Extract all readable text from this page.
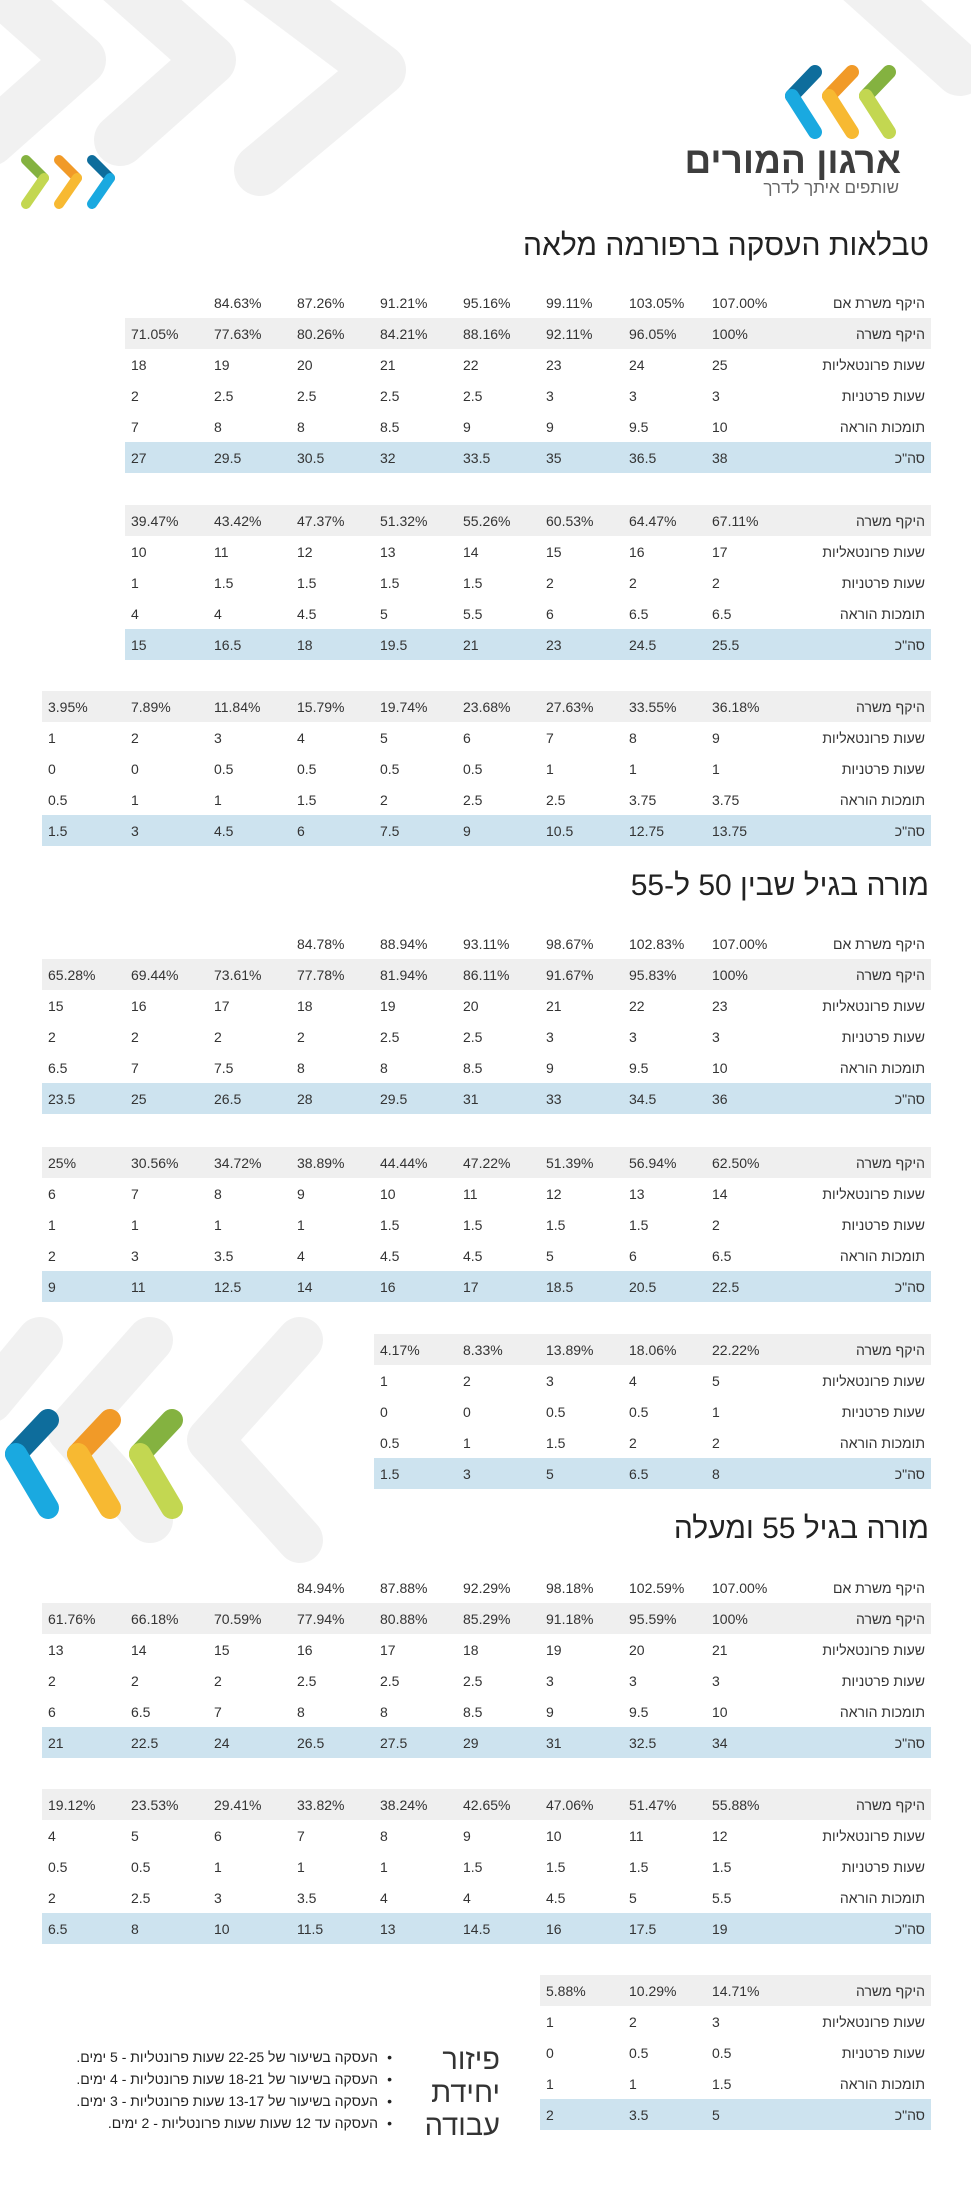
ארגון המורים
שותפים איתך לדרך
טבלאות העסקה ברפורמה מלאה
מורה בגיל שבין 50 ל-55
מורה בגיל 55 ומעלה
היקף משרת אם	107.00%	103.05%	99.11%	95.16%	91.21%	87.26%	84.63%		
היקף משרה	100%	96.05%	92.11%	88.16%	84.21%	80.26%	77.63%	71.05%	
שעות פרונטאליות	25	24	23	22	21	20	19	18	
שעות פרטניות	3	3	3	2.5	2.5	2.5	2.5	2	
תומכות הוראה	10	9.5	9	9	8.5	8	8	7	
סה"כ	38	36.5	35	33.5	32	30.5	29.5	27	
היקף משרה	67.11%	64.47%	60.53%	55.26%	51.32%	47.37%	43.42%	39.47%	
שעות פרונטאליות	17	16	15	14	13	12	11	10	
שעות פרטניות	2	2	2	1.5	1.5	1.5	1.5	1	
תומכות הוראה	6.5	6.5	6	5.5	5	4.5	4	4	
סה"כ	25.5	24.5	23	21	19.5	18	16.5	15	
היקף משרה	36.18%	33.55%	27.63%	23.68%	19.74%	15.79%	11.84%	7.89%	3.95%
שעות פרונטאליות	9	8	7	6	5	4	3	2	1
שעות פרטניות	1	1	1	0.5	0.5	0.5	0.5	0	0
תומכות הוראה	3.75	3.75	2.5	2.5	2	1.5	1	1	0.5
סה"כ	13.75	12.75	10.5	9	7.5	6	4.5	3	1.5
היקף משרת אם	107.00%	102.83%	98.67%	93.11%	88.94%	84.78%			
היקף משרה	100%	95.83%	91.67%	86.11%	81.94%	77.78%	73.61%	69.44%	65.28%
שעות פרונטאליות	23	22	21	20	19	18	17	16	15
שעות פרטניות	3	3	3	2.5	2.5	2	2	2	2
תומכות הוראה	10	9.5	9	8.5	8	8	7.5	7	6.5
סה"כ	36	34.5	33	31	29.5	28	26.5	25	23.5
היקף משרה	62.50%	56.94%	51.39%	47.22%	44.44%	38.89%	34.72%	30.56%	25%
שעות פרונטאליות	14	13	12	11	10	9	8	7	6
שעות פרטניות	2	1.5	1.5	1.5	1.5	1	1	1	1
תומכות הוראה	6.5	6	5	4.5	4.5	4	3.5	3	2
סה"כ	22.5	20.5	18.5	17	16	14	12.5	11	9
היקף משרה	22.22%	18.06%	13.89%	8.33%	4.17%
שעות פרונטאליות	5	4	3	2	1
שעות פרטניות	1	0.5	0.5	0	0
תומכות הוראה	2	2	1.5	1	0.5
סה"כ	8	6.5	5	3	1.5
היקף משרת אם	107.00%	102.59%	98.18%	92.29%	87.88%	84.94%			
היקף משרה	100%	95.59%	91.18%	85.29%	80.88%	77.94%	70.59%	66.18%	61.76%
שעות פרונטאליות	21	20	19	18	17	16	15	14	13
שעות פרטניות	3	3	3	2.5	2.5	2.5	2	2	2
תומכות הוראה	10	9.5	9	8.5	8	8	7	6.5	6
סה"כ	34	32.5	31	29	27.5	26.5	24	22.5	21
היקף משרה	55.88%	51.47%	47.06%	42.65%	38.24%	33.82%	29.41%	23.53%	19.12%
שעות פרונטאליות	12	11	10	9	8	7	6	5	4
שעות פרטניות	1.5	1.5	1.5	1.5	1	1	1	0.5	0.5
תומכות הוראה	5.5	5	4.5	4	4	3.5	3	2.5	2
סה"כ	19	17.5	16	14.5	13	11.5	10	8	6.5
היקף משרה	14.71%	10.29%	5.88%
שעות פרונטאליות	3	2	1
שעות פרטניות	0.5	0.5	0
תומכות הוראה	1.5	1	1
סה"כ	5	3.5	2
פיזור יחידת עבודה
• העסקה בשיעור של 22-25 שעות פרונטליות - 5 ימים.
• העסקה בשיעור של 18-21 שעות פרונטליות - 4 ימים.
• העסקה בשיעור של 13-17 שעות פרונטליות - 3 ימים.
• העסקה עד 12 שעות שעות פרונטליות - 2 ימים.
